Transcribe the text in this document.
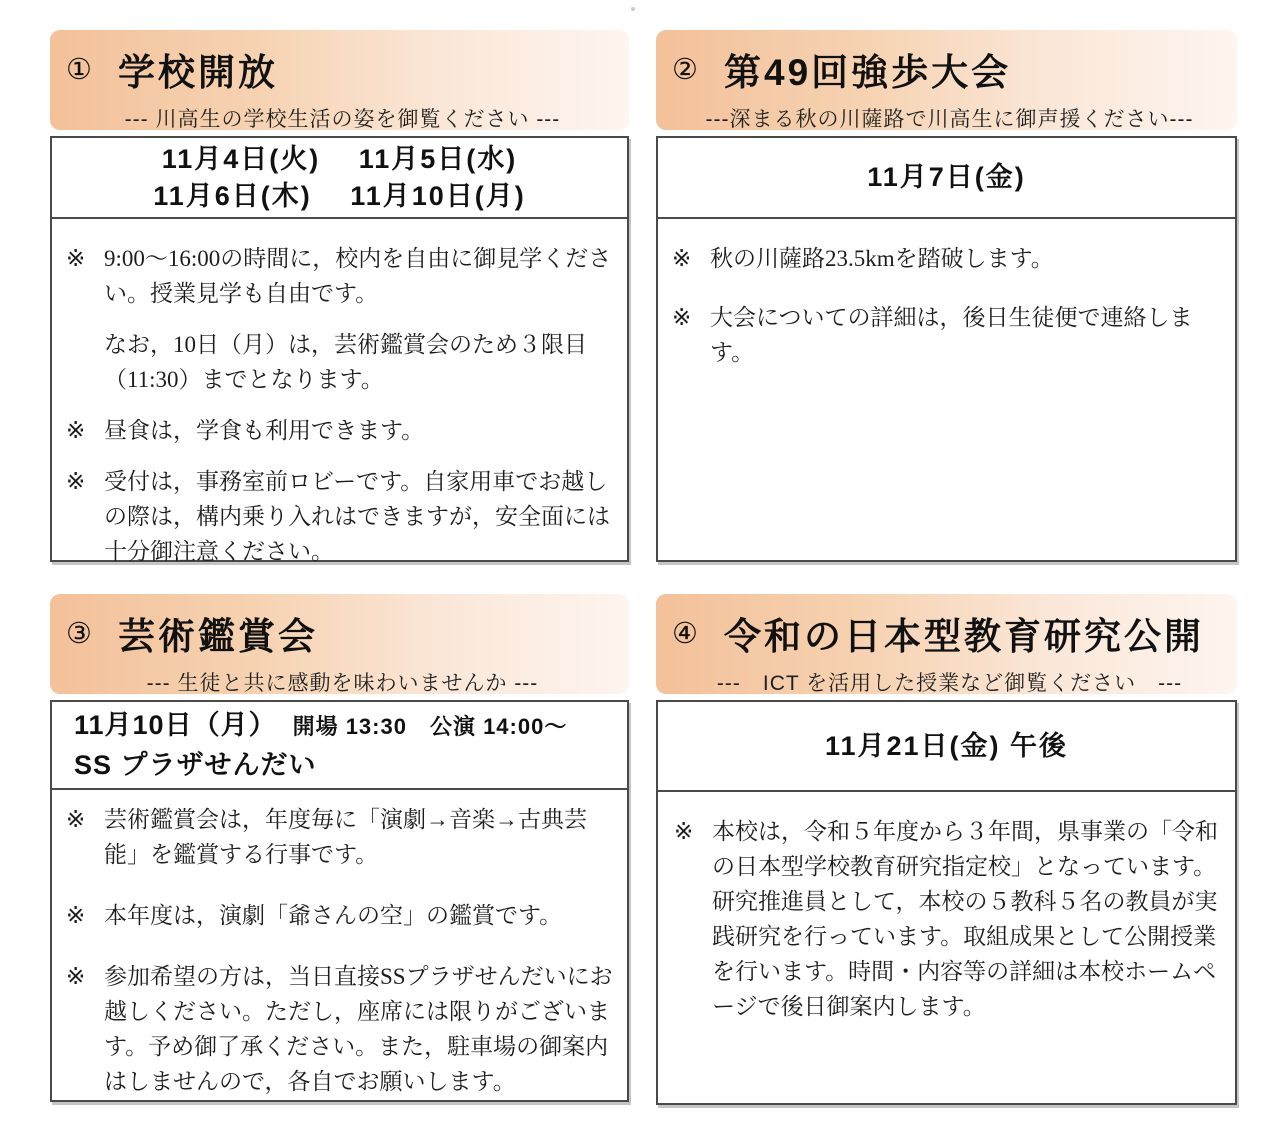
① 学校開放
--- 川高生の学校生活の姿を御覧ください ---
11月4日(火)　 11月5日(水)
11月6日(木)　 11月10日(月)
※ 9:00～16:00の時間に，校内を自由に御見学ください。授業見学も自由です。
なお，10日（月）は，芸術鑑賞会のため３限目（11:30）までとなります。
※ 昼食は，学食も利用できます。
※ 受付は，事務室前ロビーです。自家用車でお越しの際は，構内乗り入れはできますが，安全面には十分御注意ください。
② 第49回強歩大会
---深まる秋の川薩路で川高生に御声援ください---
11月7日(金)
※ 秋の川薩路23.5kmを踏破します。
※ 大会についての詳細は，後日生徒便で連絡します。
③ 芸術鑑賞会
--- 生徒と共に感動を味わいませんか ---
11月10日（月） 開場 13:30　公演 14:00～
SS プラザせんだい
※ 芸術鑑賞会は，年度毎に「演劇→音楽→古典芸能」を鑑賞する行事です。
※ 本年度は，演劇「爺さんの空」の鑑賞です。
※ 参加希望の方は，当日直接SSプラザせんだいにお越しください。ただし，座席には限りがございます。予め御了承ください。また，駐車場の御案内はしませんので，各自でお願いします。
④ 令和の日本型教育研究公開
---　ICT を活用した授業など御覧ください　---
11月21日(金) 午後
※ 本校は，令和５年度から３年間，県事業の「令和の日本型学校教育研究指定校」となっています。研究推進員として，本校の５教科５名の教員が実践研究を行っています。取組成果として公開授業を行います。時間・内容等の詳細は本校ホームページで後日御案内します。
